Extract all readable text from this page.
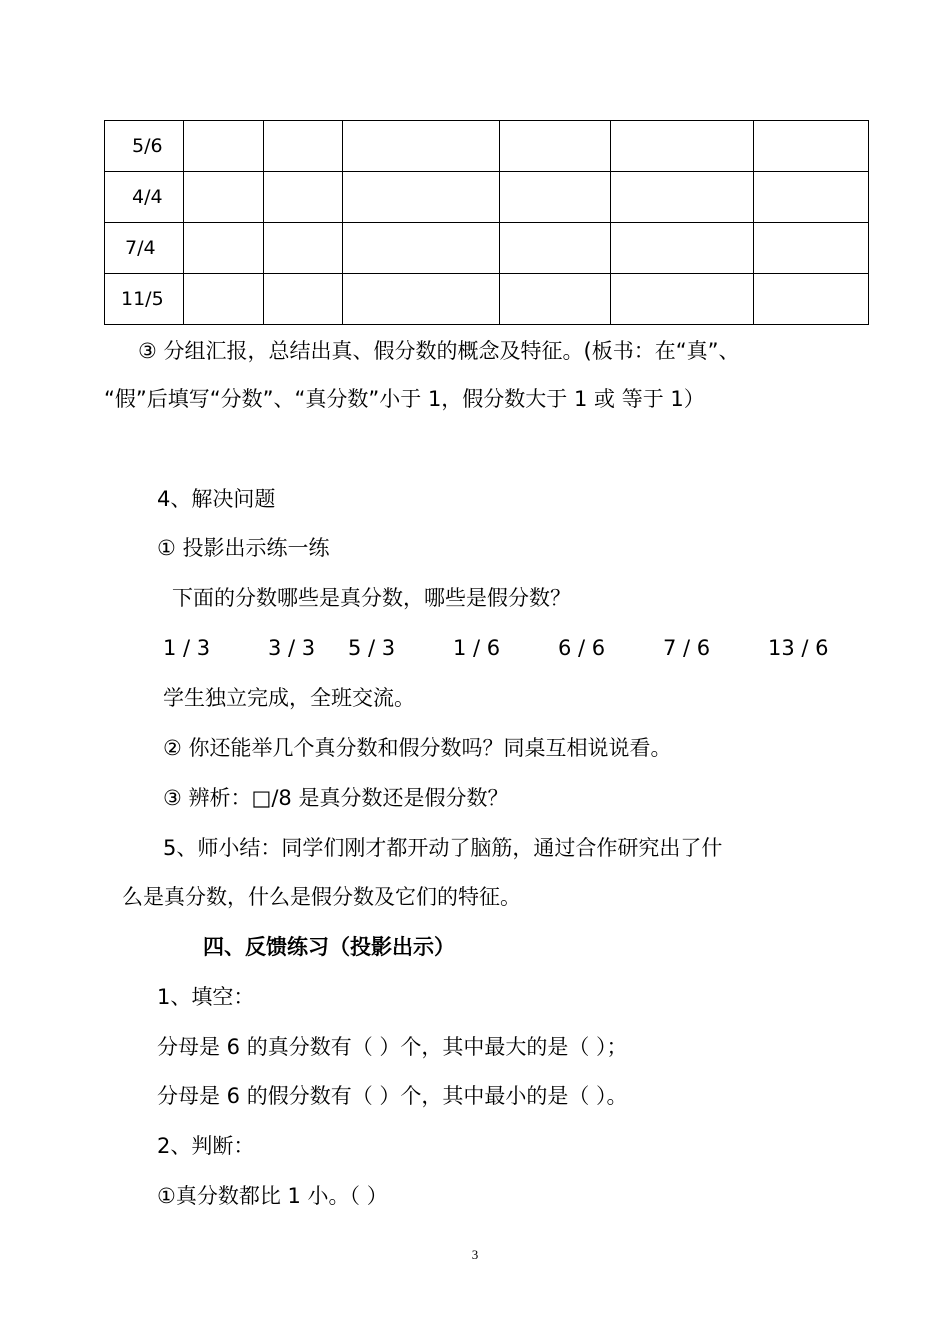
5/6						
4/4						
7/4						
11/5						
③ 分组汇报，总结出真、假分数的概念及特征。(板书：在“真”、
“假”后填写“分数”、“真分数”小于 1，假分数大于 1 或 等于 1）
4、解决问题
① 投影出示练一练
下面的分数哪些是真分数，哪些是假分数？
1 / 3	3 / 3 5 / 3	1 / 6	6 / 6	7 / 6	13 / 6
学生独立完成，全班交流。
② 你还能举几个真分数和假分数吗？同桌互相说说看。
③ 辨析：□/8 是真分数还是假分数？
5、师小结：同学们刚才都开动了脑筋，通过合作研究出了什
么是真分数，什么是假分数及它们的特征。
四、反馈练习（投影出示）
1、填空：
分母是 6 的真分数有（ ）个，其中最大的是（ ）；
分母是 6 的假分数有（ ）个，其中最小的是（ ）。
2、判断：
①真分数都比 1 小。（ ）
3
